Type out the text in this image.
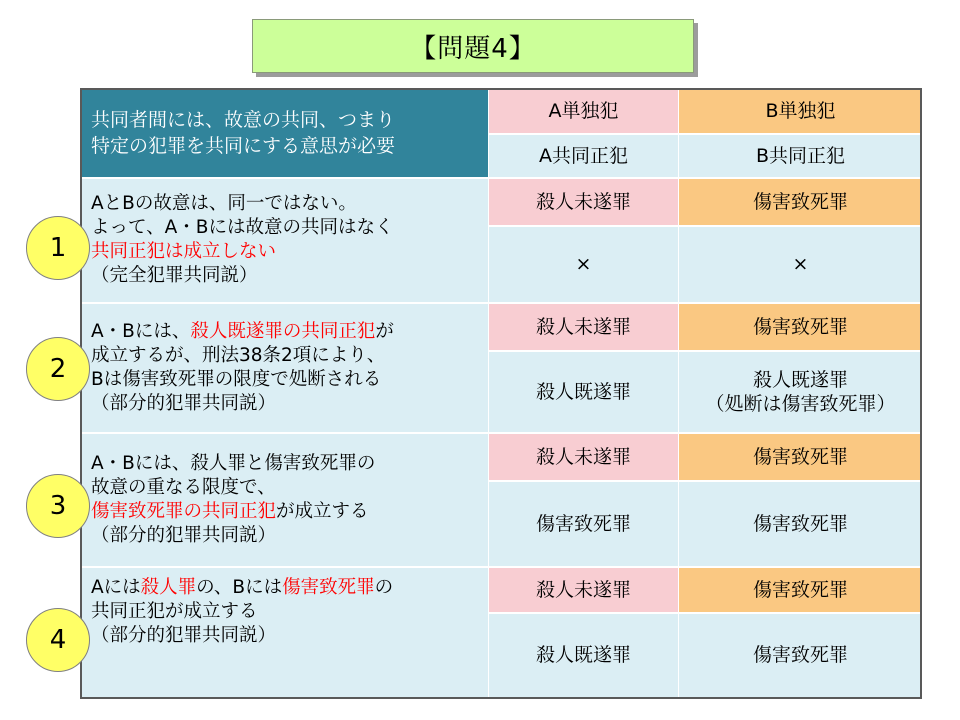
【問題4】
共同者間には、故意の共同、つまり
特定の犯罪を共同にする意思が必要	A単独犯	B単独犯
	A共同正犯	B共同正犯

AとBの故意は、同一ではない。
よって、A・Bには故意の共同はなく
共同正犯は成立しない
（完全犯罪共同説）	殺人未遂罪	傷害致死罪
	×	×

A・Bには、殺人既遂罪の共同正犯が
成立するが、刑法38条2項により、
Bは傷害致死罪の限度で処断される
（部分的犯罪共同説）	殺人未遂罪	傷害致死罪
	殺人既遂罪	殺人既遂罪
（処断は傷害致死罪）

A・Bには、殺人罪と傷害致死罪の
故意の重なる限度で、
傷害致死罪の共同正犯が成立する
（部分的犯罪共同説）	殺人未遂罪	傷害致死罪
	傷害致死罪	傷害致死罪

Aには殺人罪の、Bには傷害致死罪の
共同正犯が成立する
（部分的犯罪共同説）	殺人未遂罪	傷害致死罪
	殺人既遂罪	傷害致死罪
1
2
3
4
